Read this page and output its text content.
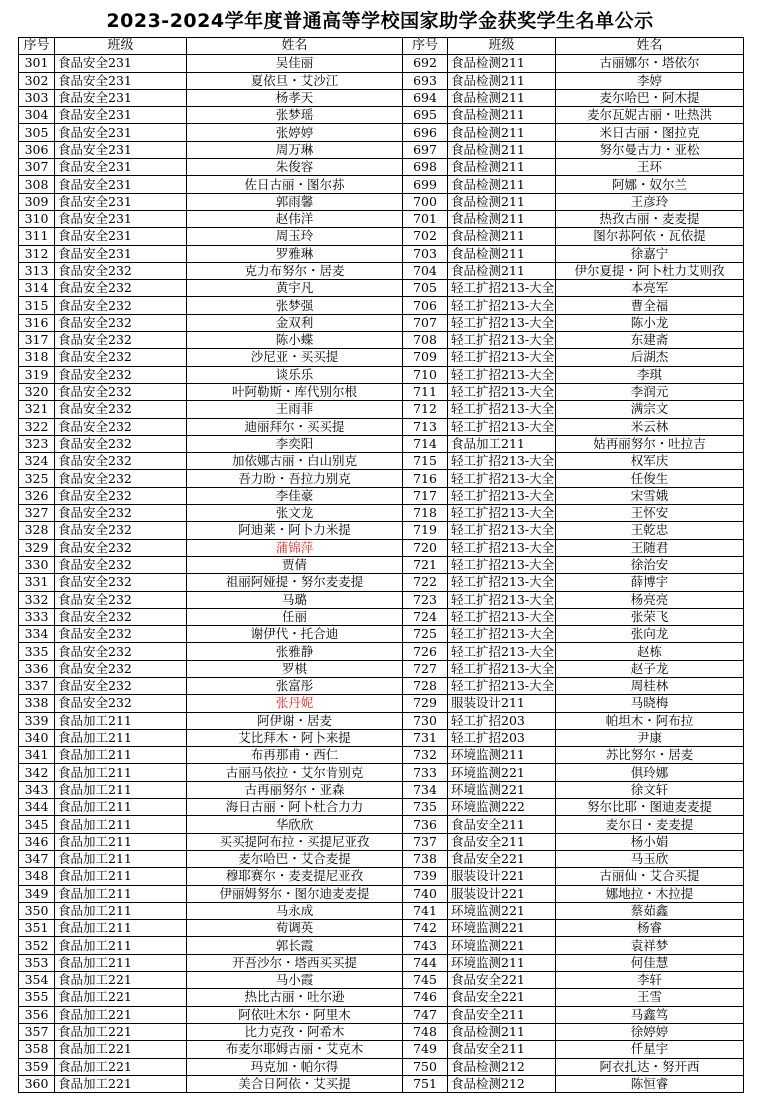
2023-2024学年度普通高等学校国家助学金获奖学生名单公示
序号	班级	姓名	序号	班级	姓名
301	食品安全231	吴佳丽	692	食品检测211	古丽娜尔・塔依尔
302	食品安全231	夏依旦・艾沙江	693	食品检测211	李婷
303	食品安全231	杨孝天	694	食品检测211	麦尔哈巴・阿木提
304	食品安全231	张梦瑶	695	食品检测211	麦尔瓦妮古丽・吐热洪
305	食品安全231	张婷婷	696	食品检测211	米日古丽・图拉克
306	食品安全231	周万琳	697	食品检测211	努尔曼古力・亚松
307	食品安全231	朱俊容	698	食品检测211	王环
308	食品安全231	佐日古丽・图尔荪	699	食品检测211	阿娜・奴尔兰
309	食品安全231	郭雨馨	700	食品检测211	王彦玲
310	食品安全231	赵伟洋	701	食品检测211	热孜古丽・麦麦提
311	食品安全231	周玉玲	702	食品检测211	图尔荪阿依・瓦依提
312	食品安全231	罗雅琳	703	食品检测211	徐嘉宁
313	食品安全232	克力布努尔・居麦	704	食品检测211	伊尔夏提・阿卜杜力艾则孜
314	食品安全232	黄宇凡	705	轻工扩招213-大全	本亮军
315	食品安全232	张梦强	706	轻工扩招213-大全	曹全福
316	食品安全232	金双利	707	轻工扩招213-大全	陈小龙
317	食品安全232	陈小蝶	708	轻工扩招213-大全	东建斋
318	食品安全232	沙尼亚・买买提	709	轻工扩招213-大全	后湖杰
319	食品安全232	谈乐乐	710	轻工扩招213-大全	李琪
320	食品安全232	叶阿勒斯・库代别尔根	711	轻工扩招213-大全	李润元
321	食品安全232	王雨菲	712	轻工扩招213-大全	满宗文
322	食品安全232	迪丽拜尔・买买提	713	轻工扩招213-大全	米云林
323	食品安全232	李奕阳	714	食品加工211	姑再丽努尔・吐拉吉
324	食品安全232	加依娜古丽・白山别克	715	轻工扩招213-大全	权军庆
325	食品安全232	吾力盼・吾拉力别克	716	轻工扩招213-大全	任俊生
326	食品安全232	李佳豪	717	轻工扩招213-大全	宋雪娥
327	食品安全232	张文龙	718	轻工扩招213-大全	王怀安
328	食品安全232	阿迪莱・阿卜力米提	719	轻工扩招213-大全	王乾忠
329	食品安全232	蒲锦萍	720	轻工扩招213-大全	王随君
330	食品安全232	贾倩	721	轻工扩招213-大全	徐治安
331	食品安全232	祖丽阿娅提・努尔麦麦提	722	轻工扩招213-大全	薛博宇
332	食品安全232	马璐	723	轻工扩招213-大全	杨亮亮
333	食品安全232	任丽	724	轻工扩招213-大全	张荣飞
334	食品安全232	谢伊代・托合迪	725	轻工扩招213-大全	张向龙
335	食品安全232	张雅静	726	轻工扩招213-大全	赵栋
336	食品安全232	罗棋	727	轻工扩招213-大全	赵子龙
337	食品安全232	张富彤	728	轻工扩招213-大全	周桂林
338	食品安全232	张丹妮	729	服装设计211	马晓梅
339	食品加工211	阿伊谢・居麦	730	轻工扩招203	帕坦木・阿布拉
340	食品加工211	艾比拜木・阿卜来提	731	轻工扩招203	尹康
341	食品加工211	布再那甫・西仁	732	环境监测211	苏比努尔・居麦
342	食品加工211	古丽马依拉・艾尔肯别克	733	环境监测221	俱玲娜
343	食品加工211	古再丽努尔・亚森	734	环境监测221	徐文轩
344	食品加工211	海日古丽・阿卜杜合力力	735	环境监测222	努尔比耶・图迪麦麦提
345	食品加工211	华欣欣	736	食品安全211	麦尔日・麦麦提
346	食品加工211	买买提阿布拉・买提尼亚孜	737	食品安全211	杨小娟
347	食品加工211	麦尔哈巴・艾合麦提	738	食品安全221	马玉欣
348	食品加工211	穆耶赛尔・麦麦提尼亚孜	739	服装设计221	古丽仙・艾合买提
349	食品加工211	伊丽姆努尔・图尔迪麦麦提	740	服装设计221	娜地拉・木拉提
350	食品加工211	马永成	741	环境监测221	蔡茹鑫
351	食品加工211	荀调英	742	环境监测221	杨睿
352	食品加工211	郭长霞	743	环境监测221	袁祥梦
353	食品加工211	开吾沙尔・塔西买买提	744	环境监测211	何佳慧
354	食品加工221	马小霞	745	食品安全221	李轩
355	食品加工221	热比古丽・吐尔逊	746	食品安全221	王雪
356	食品加工221	阿依吐木尔・阿里木	747	食品安全211	马鑫笃
357	食品加工221	比力克孜・阿希木	748	食品检测211	徐婷婷
358	食品加工221	布麦尔耶姆古丽・艾克木	749	食品安全211	仟星宇
359	食品加工221	玛克加・帕尔得	750	食品检测212	阿衣扎达・努开西
360	食品加工221	美合日阿依・艾买提	751	食品检测212	陈恒睿
